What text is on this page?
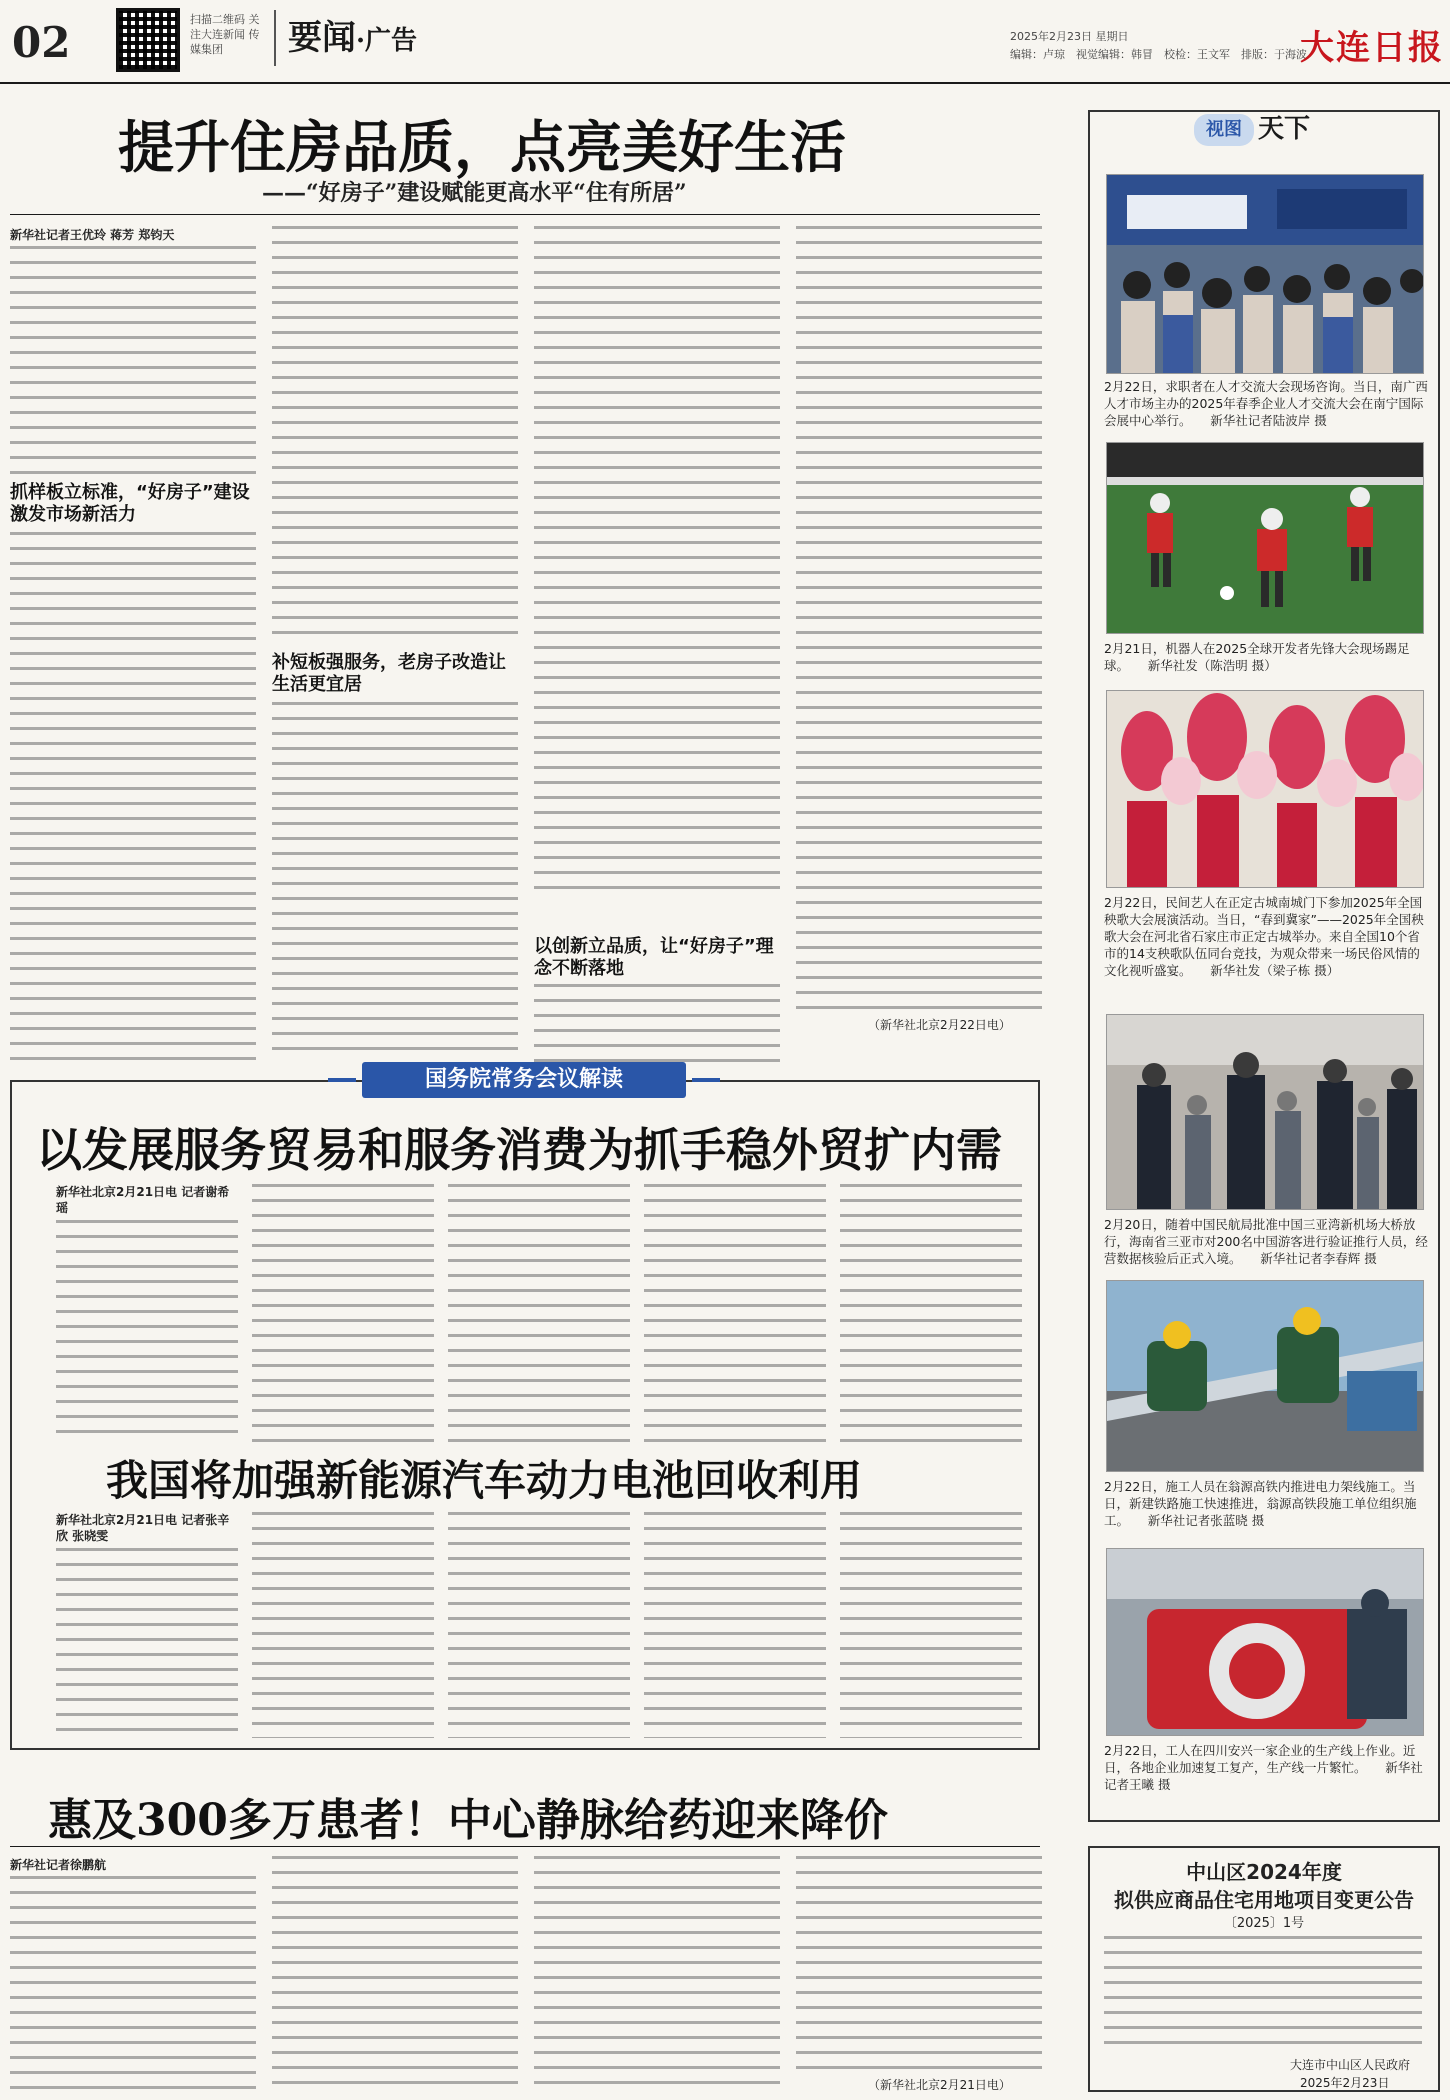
02	扫描二维码 关注大连新闻 传媒集团	要闻·广告	2025年2月23日 星期日
编辑：卢琼　视觉编辑：韩冒　校检：王文军　排版：于海波
大连日报
提升住房品质，点亮美好生活
——“好房子”建设赋能更高水平“住有所居”
新华社记者王优玲 蒋芳 郑钧天
抓样板立标准，“好房子”建设激发市场新活力
补短板强服务，老房子改造让生活更宜居
以创新立品质，让“好房子”理念不断落地
（新华社北京2月22日电）
国务院常务会议解读
以发展服务贸易和服务消费为抓手稳外贸扩内需
新华社北京2月21日电 记者谢希瑶
我国将加强新能源汽车动力电池回收利用
新华社北京2月21日电 记者张辛欣 张晓雯
惠及300多万患者！中心静脉给药迎来降价
新华社记者徐鹏航
（新华社北京2月21日电）
视图 天下
2月22日，求职者在人才交流大会现场咨询。当日，南广西人才市场主办的2025年春季企业人才交流大会在南宁国际会展中心举行。　　新华社记者陆波岸 摄
2月21日，机器人在2025全球开发者先锋大会现场踢足球。　　新华社发（陈浩明 摄）
2月22日，民间艺人在正定古城南城门下参加2025年全国秧歌大会展演活动。当日，“春到冀家”——2025年全国秧歌大会在河北省石家庄市正定古城举办。来自全国10个省市的14支秧歌队伍同台竞技，为观众带来一场民俗风情的文化视听盛宴。　　新华社发（梁子栋 摄）
2月20日，随着中国民航局批准中国三亚湾新机场大桥放行，海南省三亚市对200名中国游客进行验证推行人员，经营数据核验后正式入境。　　新华社记者李春辉 摄
2月22日，施工人员在翁源高铁内推进电力架线施工。当日，新建铁路施工快速推进，翁源高铁段施工单位组织施工。　　新华社记者张蓝晓 摄
2月22日，工人在四川安兴一家企业的生产线上作业。近日，各地企业加速复工复产，生产线一片繁忙。　　新华社记者王曦 摄
中山区2024年度
拟供应商品住宅用地项目变更公告
〔2025〕1号
大连市中山区人民政府
2025年2月23日
